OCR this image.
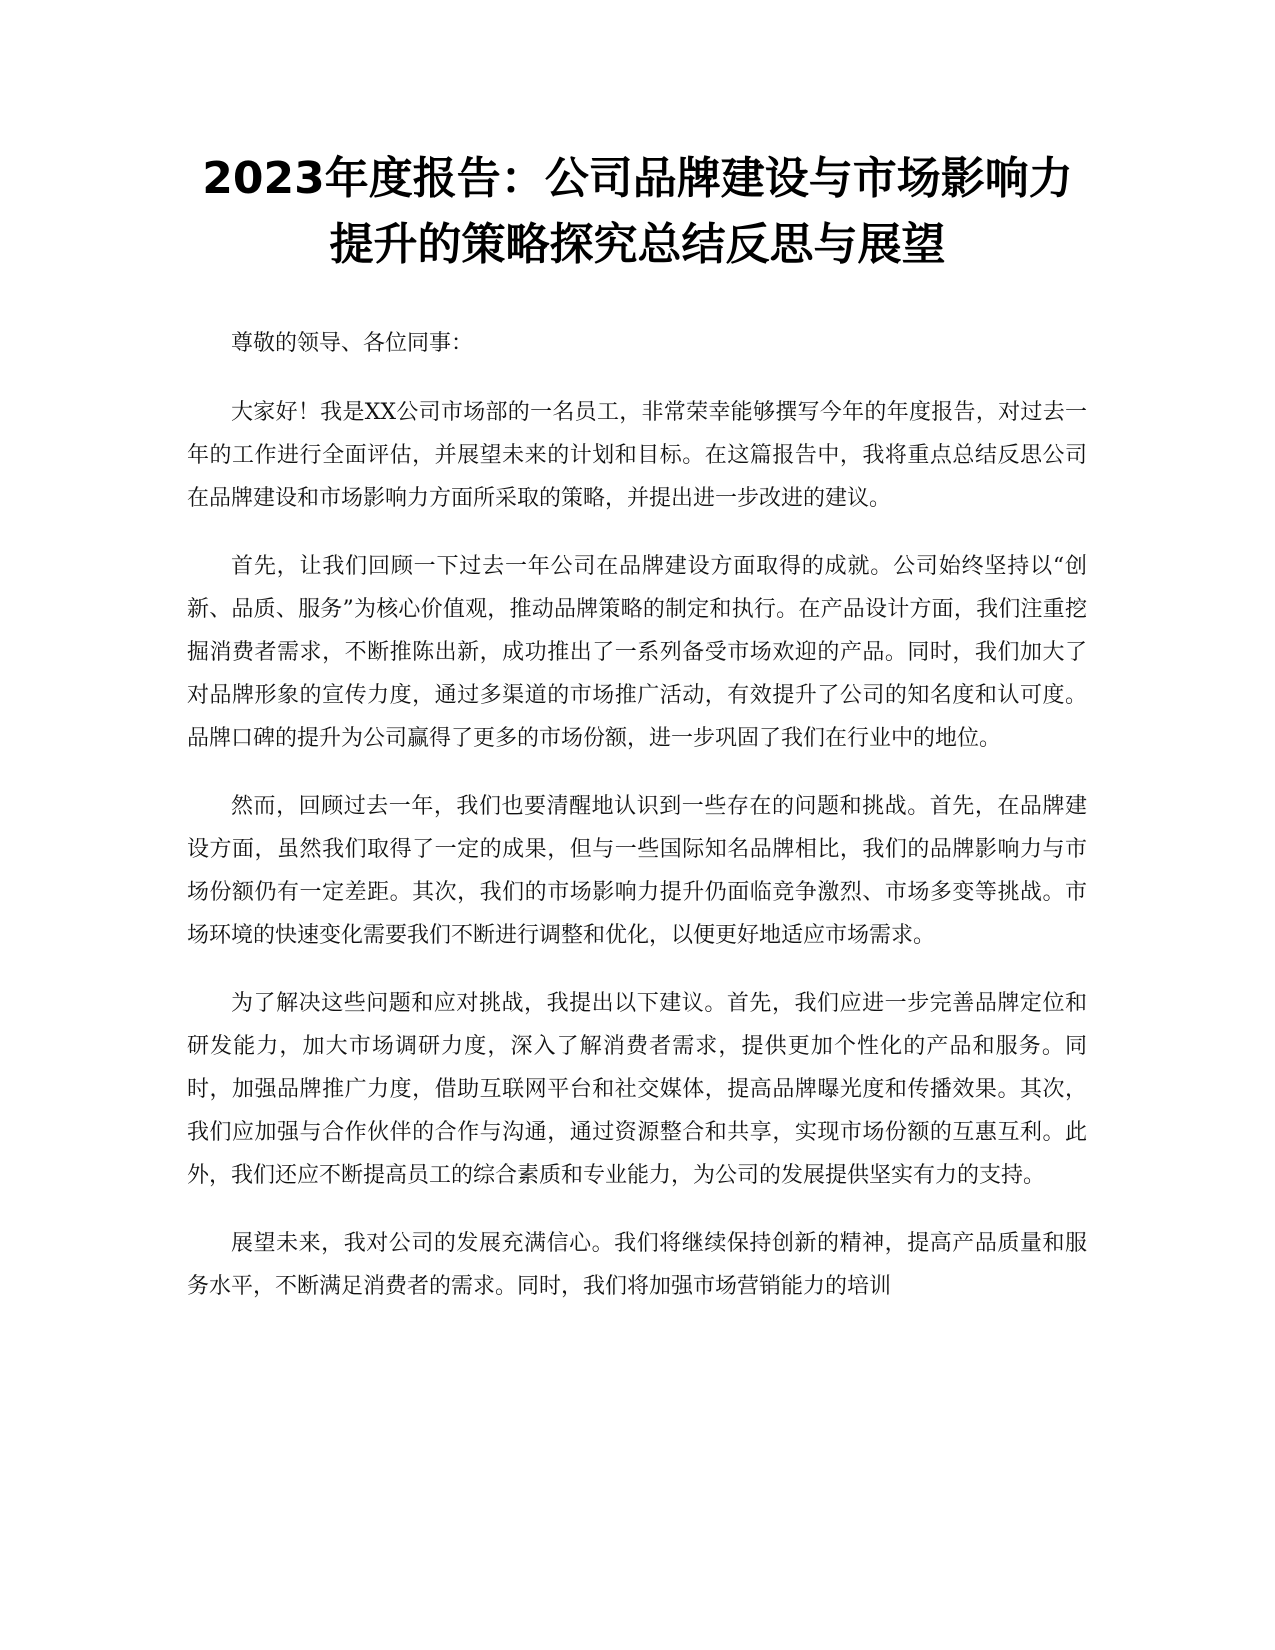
2023年度报告：公司品牌建设与市场影响力
提升的策略探究总结反思与展望

尊敬的领导、各位同事：

大家好！我是XX公司市场部的一名员工，非常荣幸能够撰写今年的年度报告，对过去一年的工作进行全面评估，并展望未来的计划和目标。在这篇报告中，我将重点总结反思公司在品牌建设和市场影响力方面所采取的策略，并提出进一步改进的建议。

首先，让我们回顾一下过去一年公司在品牌建设方面取得的成就。公司始终坚持以“创新、品质、服务”为核心价值观，推动品牌策略的制定和执行。在产品设计方面，我们注重挖掘消费者需求，不断推陈出新，成功推出了一系列备受市场欢迎的产品。同时，我们加大了对品牌形象的宣传力度，通过多渠道的市场推广活动，有效提升了公司的知名度和认可度。品牌口碑的提升为公司赢得了更多的市场份额，进一步巩固了我们在行业中的地位。

然而，回顾过去一年，我们也要清醒地认识到一些存在的问题和挑战。首先，在品牌建设方面，虽然我们取得了一定的成果，但与一些国际知名品牌相比，我们的品牌影响力与市场份额仍有一定差距。其次，我们的市场影响力提升仍面临竞争激烈、市场多变等挑战。市场环境的快速变化需要我们不断进行调整和优化，以便更好地适应市场需求。

为了解决这些问题和应对挑战，我提出以下建议。首先，我们应进一步完善品牌定位和研发能力，加大市场调研力度，深入了解消费者需求，提供更加个性化的产品和服务。同时，加强品牌推广力度，借助互联网平台和社交媒体，提高品牌曝光度和传播效果。其次，我们应加强与合作伙伴的合作与沟通，通过资源整合和共享，实现市场份额的互惠互利。此外，我们还应不断提高员工的综合素质和专业能力，为公司的发展提供坚实有力的支持。

展望未来，我对公司的发展充满信心。我们将继续保持创新的精神，提高产品质量和服务水平，不断满足消费者的需求。同时，我们将加强市场营销能力的培训
